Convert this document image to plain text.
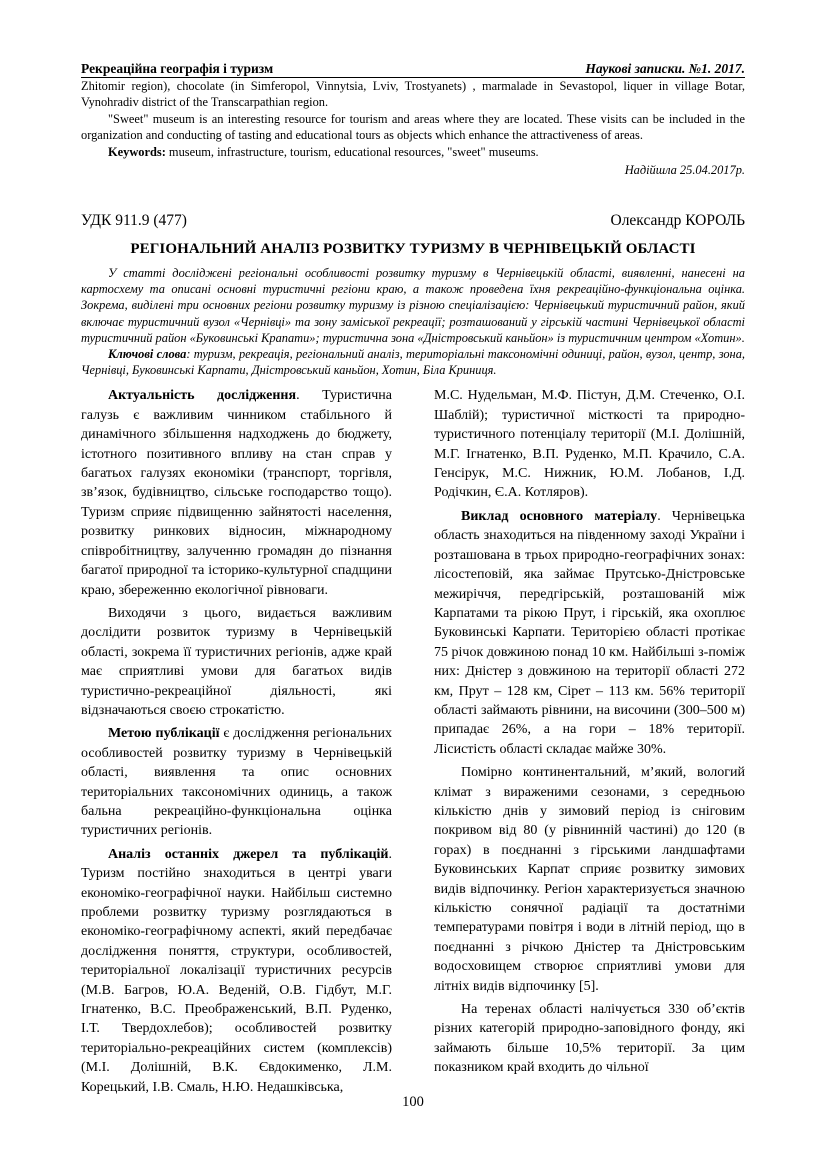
Рекреаційна географія і туризм	Наукові записки. №1. 2017.

Zhitomir region), chocolate (in Simferopol, Vinnytsia, Lviv, Trostyanets) , marmalade in Sevastopol, liquer in village Botar, Vynohradiv district of the Transcarpathian region.

"Sweet" museum is an interesting resource for tourism and areas where they are located. These visits can be included in the organization and conducting of tasting and educational tours as objects which enhance the attractiveness of areas.

Keywords: museum, infrastructure, tourism, educational resources, "sweet" museums.

Надійшла 25.04.2017р.
УДК 911.9 (477)	Олександр КОРОЛЬ
РЕГІОНАЛЬНИЙ АНАЛІЗ РОЗВИТКУ ТУРИЗМУ В ЧЕРНІВЕЦЬКІЙ ОБЛАСТІ

У статті досліджені регіональні особливості розвитку туризму в Чернівецькій області, виявленні, нанесені на картосхему та описані основні туристичні регіони краю, а також проведена їхня рекреаційно-функціональна оцінка. Зокрема, виділені три основних регіони розвитку туризму із різною спеціалізацією: Чернівецький туристичний район, який включає туристичний вузол «Чернівці» та зону заміської рекреації; розташований у гірській частині Чернівецької області туристичний район «Буковинські Крапати»; туристична зона «Дністровський каньйон» із туристичним центром «Хотин».

Ключові слова: туризм, рекреація, регіональний аналіз, територіальні таксономічні одиниці, район, вузол, центр, зона, Чернівці, Буковинські Карпати, Дністровський каньйон, Хотин, Біла Криниця.

Актуальність дослідження. Туристична галузь є важливим чинником стабільного й динамічного збільшення надходжень до бюджету, істотного позитивного впливу на стан справ у багатьох галузях економіки (транспорт, торгівля, зв’язок, будівництво, сільське господарство тощо). Туризм сприяє підвищенню зайнятості населення, розвитку ринкових відносин, міжнародному співробітництву, залученню громадян до пізнання багатої природної та історико-культурної спадщини краю, збереженню екологічної рівноваги.

Виходячи з цього, видається важливим дослідити розвиток туризму в Чернівецькій області, зокрема її туристичних регіонів, адже край має сприятливі умови для багатьох видів туристично-рекреаційної діяльності, які відзначаються своєю строкатістю.

Метою публікації є дослідження регіональних особливостей розвитку туризму в Чернівецькій області, виявлення та опис основних територіальних таксономічних одиниць, а також бальна рекреаційно-функціональна оцінка туристичних регіонів.

Аналіз останніх джерел та публікацій. Туризм постійно знаходиться в центрі уваги економіко-географічної науки. Найбільш системно проблеми розвитку туризму розглядаються в економіко-географічному аспекті, який передбачає дослідження поняття, структури, особливостей, територіальної локалізації туристичних ресурсів (М.В. Багров, Ю.А. Веденій, О.В. Гідбут, М.Г. Ігнатенко, В.С. Преображенський, В.П. Руденко, І.Т. Твердохлебов); особливостей розвитку територіально-рекреаційних систем (комплексів) (М.І. Долішній, В.К. Євдокименко, Л.М. Корецький, І.В. Смаль, Н.Ю. Недашківська,

М.С. Нудельман, М.Ф. Пістун, Д.М. Стеченко, О.І. Шаблій); туристичної місткості та природно-туристичного потенціалу території (М.І. Долішній, М.Г. Ігнатенко, В.П. Руденко, М.П. Крачило, С.А. Генсірук, М.С. Нижник, Ю.М. Лобанов, І.Д. Родічкин, Є.А. Котляров).

Виклад основного матеріалу. Чернівецька область знаходиться на південному заході України і розташована в трьох природно-географічних зонах: лісостеповій, яка займає Прутсько-Дністровське межиріччя, передгірській, розташованій між Карпатами та рікою Прут, і гірській, яка охоплює Буковинські Карпати. Територією області протікає 75 річок довжиною понад 10 км. Найбільші з-поміж них: Дністер з довжиною на території області 272 км, Прут – 128 км, Сірет – 113 км. 56% території області займають рівнини, на височини (300–500 м) припадає 26%, а на гори – 18% території. Лісистість області складає майже 30%.

Помірно континентальний, м’який, вологий клімат з вираженими сезонами, з середньою кількістю днів у зимовий період із сніговим покривом від 80 (у рівнинній частині) до 120 (в горах) в поєднанні з гірськими ландшафтами Буковинських Карпат сприяє розвитку зимових видів відпочинку. Регіон характеризується значною кількістю сонячної радіації та достатніми температурами повітря і води в літній період, що в поєднанні з річкою Дністер та Дністровським водосховищем створює сприятливі умови для літніх видів відпочинку [5].

На теренах області налічується 330 об’єктів різних категорій природно-заповідного фонду, які займають більше 10,5% території. За цим показником край входить до чільної

100
